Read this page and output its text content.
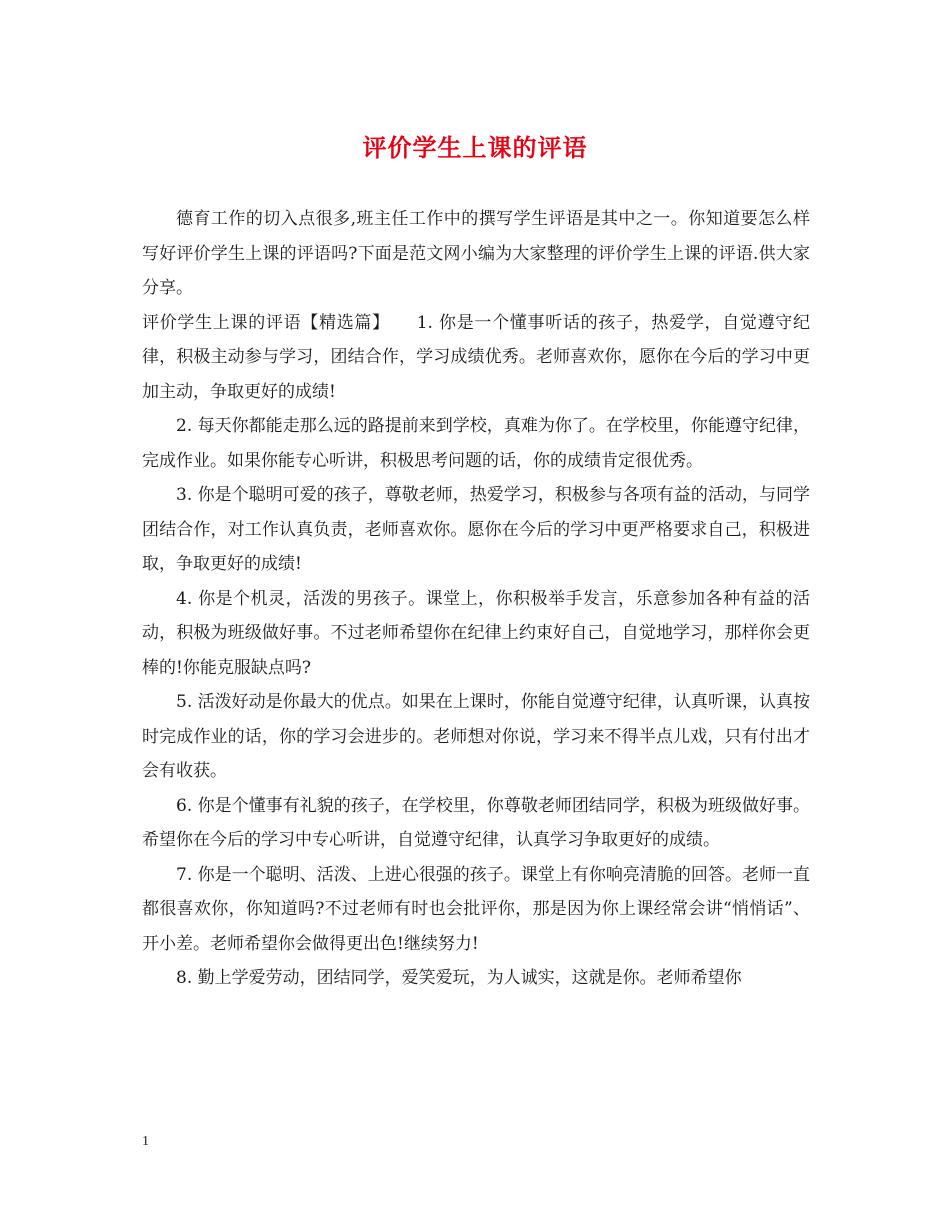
评价学生上课的评语

德育工作的切入点很多,班主任工作中的撰写学生评语是其中之一。你知道要怎么样写好评价学生上课的评语吗?下面是范文网小编为大家整理的评价学生上课的评语.供大家分享。

评价学生上课的评语【精选篇】　　1. 你是一个懂事听话的孩子，热爱学，自觉遵守纪律，积极主动参与学习，团结合作，学习成绩优秀。老师喜欢你，愿你在今后的学习中更加主动，争取更好的成绩!

2. 每天你都能走那么远的路提前来到学校，真难为你了。在学校里，你能遵守纪律，完成作业。如果你能专心听讲，积极思考问题的话，你的成绩肯定很优秀。

3. 你是个聪明可爱的孩子，尊敬老师，热爱学习，积极参与各项有益的活动，与同学团结合作，对工作认真负责，老师喜欢你。愿你在今后的学习中更严格要求自己，积极进取，争取更好的成绩!

4. 你是个机灵，活泼的男孩子。课堂上，你积极举手发言，乐意参加各种有益的活动，积极为班级做好事。不过老师希望你在纪律上约束好自己，自觉地学习，那样你会更棒的!你能克服缺点吗?

5. 活泼好动是你最大的优点。如果在上课时，你能自觉遵守纪律，认真听课，认真按时完成作业的话，你的学习会进步的。老师想对你说，学习来不得半点儿戏，只有付出才会有收获。

6. 你是个懂事有礼貌的孩子，在学校里，你尊敬老师团结同学，积极为班级做好事。希望你在今后的学习中专心听讲，自觉遵守纪律，认真学习争取更好的成绩。

7. 你是一个聪明、活泼、上进心很强的孩子。课堂上有你响亮清脆的回答。老师一直都很喜欢你，你知道吗?不过老师有时也会批评你，那是因为你上课经常会讲“悄悄话”、开小差。老师希望你会做得更出色!继续努力!

8. 勤上学爱劳动，团结同学，爱笑爱玩，为人诚实，这就是你。老师希望你

1
